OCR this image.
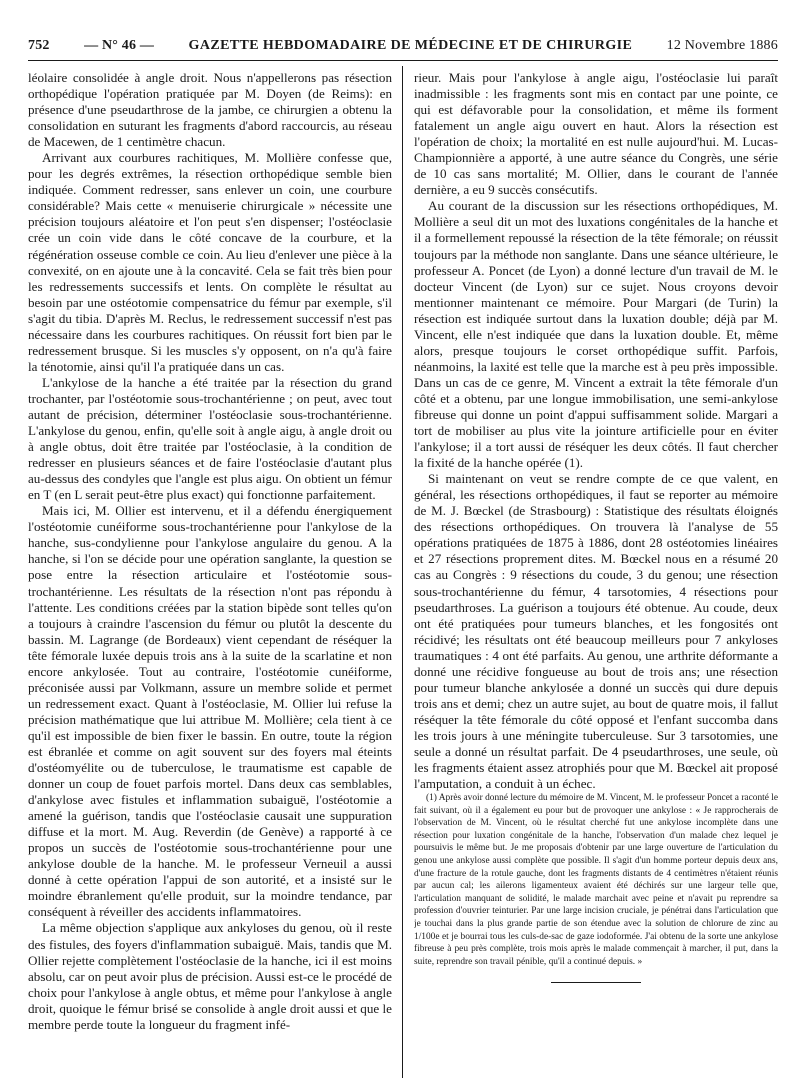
752 — N° 46 — GAZETTE HEBDOMADAIRE DE MÉDECINE ET DE CHIRURGIE 12 Novembre 1886

léolaire consolidée à angle droit. Nous n'appellerons pas résection orthopédique l'opération pratiquée par M. Doyen (de Reims): en présence d'une pseudarthrose de la jambe, ce chirurgien a obtenu la consolidation en suturant les fragments d'abord raccourcis, au réseau de Macewen, de 1 centimètre chacun.

Arrivant aux courbures rachitiques, M. Mollière confesse que, pour les degrés extrêmes, la résection orthopédique semble bien indiquée. Comment redresser, sans enlever un coin, une courbure considérable? Mais cette « menuiserie chirurgicale » nécessite une précision toujours aléatoire et l'on peut s'en dispenser; l'ostéoclasie crée un coin vide dans le côté concave de la courbure, et la régénération osseuse comble ce coin. Au lieu d'enlever une pièce à la convexité, on en ajoute une à la concavité. Cela se fait très bien pour les redressements successifs et lents. On complète le résultat au besoin par une ostéotomie compensatrice du fémur par exemple, s'il s'agit du tibia. D'après M. Reclus, le redressement successif n'est pas nécessaire dans les courbures rachitiques. On réussit fort bien par le redressement brusque. Si les muscles s'y opposent, on n'a qu'à faire la ténotomie, ainsi qu'il l'a pratiquée dans un cas.

L'ankylose de la hanche a été traitée par la résection du grand trochanter, par l'ostéotomie sous-trochantérienne ; on peut, avec tout autant de précision, déterminer l'ostéoclasie sous-trochantérienne. L'ankylose du genou, enfin, qu'elle soit à angle aigu, à angle droit ou à angle obtus, doit être traitée par l'ostéoclasie, à la condition de redresser en plusieurs séances et de faire l'ostéoclasie d'autant plus au-dessus des condyles que l'angle est plus aigu. On obtient un fémur en T (en L serait peut-être plus exact) qui fonctionne parfaitement.

Mais ici, M. Ollier est intervenu, et il a défendu énergiquement l'ostéotomie cunéiforme sous-trochantérienne pour l'ankylose de la hanche, sus-condylienne pour l'ankylose angulaire du genou. A la hanche, si l'on se décide pour une opération sanglante, la question se pose entre la résection articulaire et l'ostéotomie sous-trochantérienne. Les résultats de la résection n'ont pas répondu à l'attente. Les conditions créées par la station bipède sont telles qu'on a toujours à craindre l'ascension du fémur ou plutôt la descente du bassin. M. Lagrange (de Bordeaux) vient cependant de réséquer la tête fémorale luxée depuis trois ans à la suite de la scarlatine et non encore ankylosée. Tout au contraire, l'ostéotomie cunéiforme, préconisée aussi par Volkmann, assure un membre solide et permet un redressement exact. Quant à l'ostéoclasie, M. Ollier lui refuse la précision mathématique que lui attribue M. Mollière; cela tient à ce qu'il est impossible de bien fixer le bassin. En outre, toute la région est ébranlée et comme on agit souvent sur des foyers mal éteints d'ostéomyélite ou de tuberculose, le traumatisme est capable de donner un coup de fouet parfois mortel. Dans deux cas semblables, d'ankylose avec fistules et inflammation subaiguë, l'ostéotomie a amené la guérison, tandis que l'ostéoclasie causait une suppuration diffuse et la mort. M. Aug. Reverdin (de Genève) a rapporté à ce propos un succès de l'ostéotomie sous-trochantérienne pour une ankylose double de la hanche. M. le professeur Verneuil a aussi donné à cette opération l'appui de son autorité, et a insisté sur le moindre ébranlement qu'elle produit, sur la moindre tendance, par conséquent à réveiller des accidents inflammatoires.

La même objection s'applique aux ankyloses du genou, où il reste des fistules, des foyers d'inflammation subaiguë. Mais, tandis que M. Ollier rejette complètement l'ostéoclasie de la hanche, ici il est moins absolu, car on peut avoir plus de précision. Aussi est-ce le procédé de choix pour l'ankylose à angle obtus, et même pour l'ankylose à angle droit, quoique le fémur brisé se consolide à angle droit aussi et que le membre perde toute la longueur du fragment infé-

rieur. Mais pour l'ankylose à angle aigu, l'ostéoclasie lui paraît inadmissible : les fragments sont mis en contact par une pointe, ce qui est défavorable pour la consolidation, et même ils forment fatalement un angle aigu ouvert en haut. Alors la résection est l'opération de choix; la mortalité en est nulle aujourd'hui. M. Lucas-Championnière a apporté, à une autre séance du Congrès, une série de 10 cas sans mortalité; M. Ollier, dans le courant de l'année dernière, a eu 9 succès consécutifs.

Au courant de la discussion sur les résections orthopédiques, M. Mollière a seul dit un mot des luxations congénitales de la hanche et il a formellement repoussé la résection de la tête fémorale; on réussit toujours par la méthode non sanglante. Dans une séance ultérieure, le professeur A. Poncet (de Lyon) a donné lecture d'un travail de M. le docteur Vincent (de Lyon) sur ce sujet. Nous croyons devoir mentionner maintenant ce mémoire. Pour Margari (de Turin) la résection est indiquée surtout dans la luxation double; déjà par M. Vincent, elle n'est indiquée que dans la luxation double. Et, même alors, presque toujours le corset orthopédique suffit. Parfois, néanmoins, la laxité est telle que la marche est à peu près impossible. Dans un cas de ce genre, M. Vincent a extrait la tête fémorale d'un côté et a obtenu, par une longue immobilisation, une semi-ankylose fibreuse qui donne un point d'appui suffisamment solide. Margari a tort de mobiliser au plus vite la jointure artificielle pour en éviter l'ankylose; il a tort aussi de réséquer les deux côtés. Il faut chercher la fixité de la hanche opérée (1).

Si maintenant on veut se rendre compte de ce que valent, en général, les résections orthopédiques, il faut se reporter au mémoire de M. J. Bœckel (de Strasbourg) : Statistique des résultats éloignés des résections orthopédiques. On trouvera là l'analyse de 55 opérations pratiquées de 1875 à 1886, dont 28 ostéotomies linéaires et 27 résections proprement dites. M. Bœckel nous en a résumé 20 cas au Congrès : 9 résections du coude, 3 du genou; une résection sous-trochantérienne du fémur, 4 tarsotomies, 4 résections pour pseudarthroses. La guérison a toujours été obtenue. Au coude, deux ont été pratiquées pour tumeurs blanches, et les fongosités ont récidivé; les résultats ont été beaucoup meilleurs pour 7 ankyloses traumatiques : 4 ont été parfaits. Au genou, une arthrite déformante a donné une récidive fongueuse au bout de trois ans; une résection pour tumeur blanche ankylosée a donné un succès qui dure depuis trois ans et demi; chez un autre sujet, au bout de quatre mois, il fallut réséquer la tête fémorale du côté opposé et l'enfant succomba dans les trois jours à une méningite tuberculeuse. Sur 3 tarsotomies, une seule a donné un résultat parfait. De 4 pseudarthroses, une seule, où les fragments étaient assez atrophiés pour que M. Bœckel ait proposé l'amputation, a conduit à un échec.

(1) Après avoir donné lecture du mémoire de M. Vincent, M. le professeur Poncet a raconté le fait suivant, où il a également eu pour but de provoquer une ankylose : « Je rapprocherais de l'observation de M. Vincent, où le résultat cherché fut une ankylose incomplète dans une résection pour luxation congénitale de la hanche, l'observation d'un malade chez lequel je poursuivis le même but. Je me proposais d'obtenir par une large ouverture de l'articulation du genou une ankylose aussi complète que possible. Il s'agit d'un homme porteur depuis deux ans, d'une fracture de la rotule gauche, dont les fragments distants de 4 centimètres n'étaient réunis par aucun cal; les ailerons ligamenteux avaient été déchirés sur une largeur telle que, l'articulation manquant de solidité, le malade marchait avec peine et n'avait pu reprendre sa profession d'ouvrier teinturier. Par une large incision cruciale, je pénétrai dans l'articulation que je touchai dans la plus grande partie de son étendue avec la solution de chlorure de zinc au 1/100e et je bourrai tous les culs-de-sac de gaze iodoformée. J'ai obtenu de la sorte une ankylose fibreuse à peu près complète, trois mois après le malade commençait à marcher, il put, dans la suite, reprendre son travail pénible, qu'il a continué depuis. »
